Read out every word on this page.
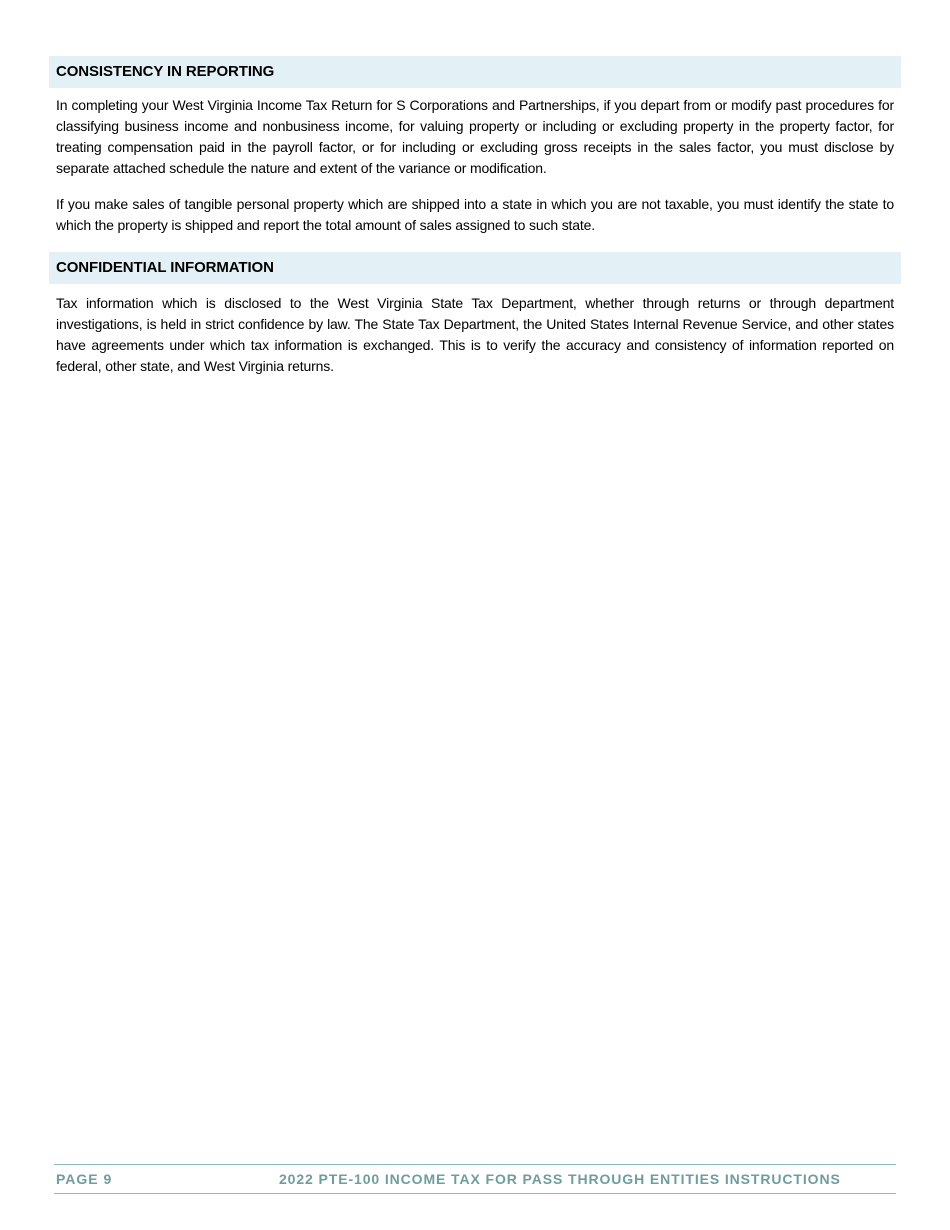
CONSISTENCY IN REPORTING

In completing your West Virginia Income Tax Return for S Corporations and Partnerships, if you depart from or modify past procedures for classifying business income and nonbusiness income, for valuing property or including or excluding property in the property factor, for treating compensation paid in the payroll factor, or for including or excluding gross receipts in the sales factor, you must disclose by separate attached schedule the nature and extent of the variance or modification.

If you make sales of tangible personal property which are shipped into a state in which you are not taxable, you must identify the state to which the property is shipped and report the total amount of sales assigned to such state.

CONFIDENTIAL INFORMATION

Tax information which is disclosed to the West Virginia State Tax Department, whether through returns or through department investigations, is held in strict confidence by law. The State Tax Department, the United States Internal Revenue Service, and other states have agreements under which tax information is exchanged. This is to verify the accuracy and consistency of information reported on federal, other state, and West Virginia returns.

PAGE 9	2022 PTE-100 INCOME TAX FOR PASS THROUGH ENTITIES INSTRUCTIONS
